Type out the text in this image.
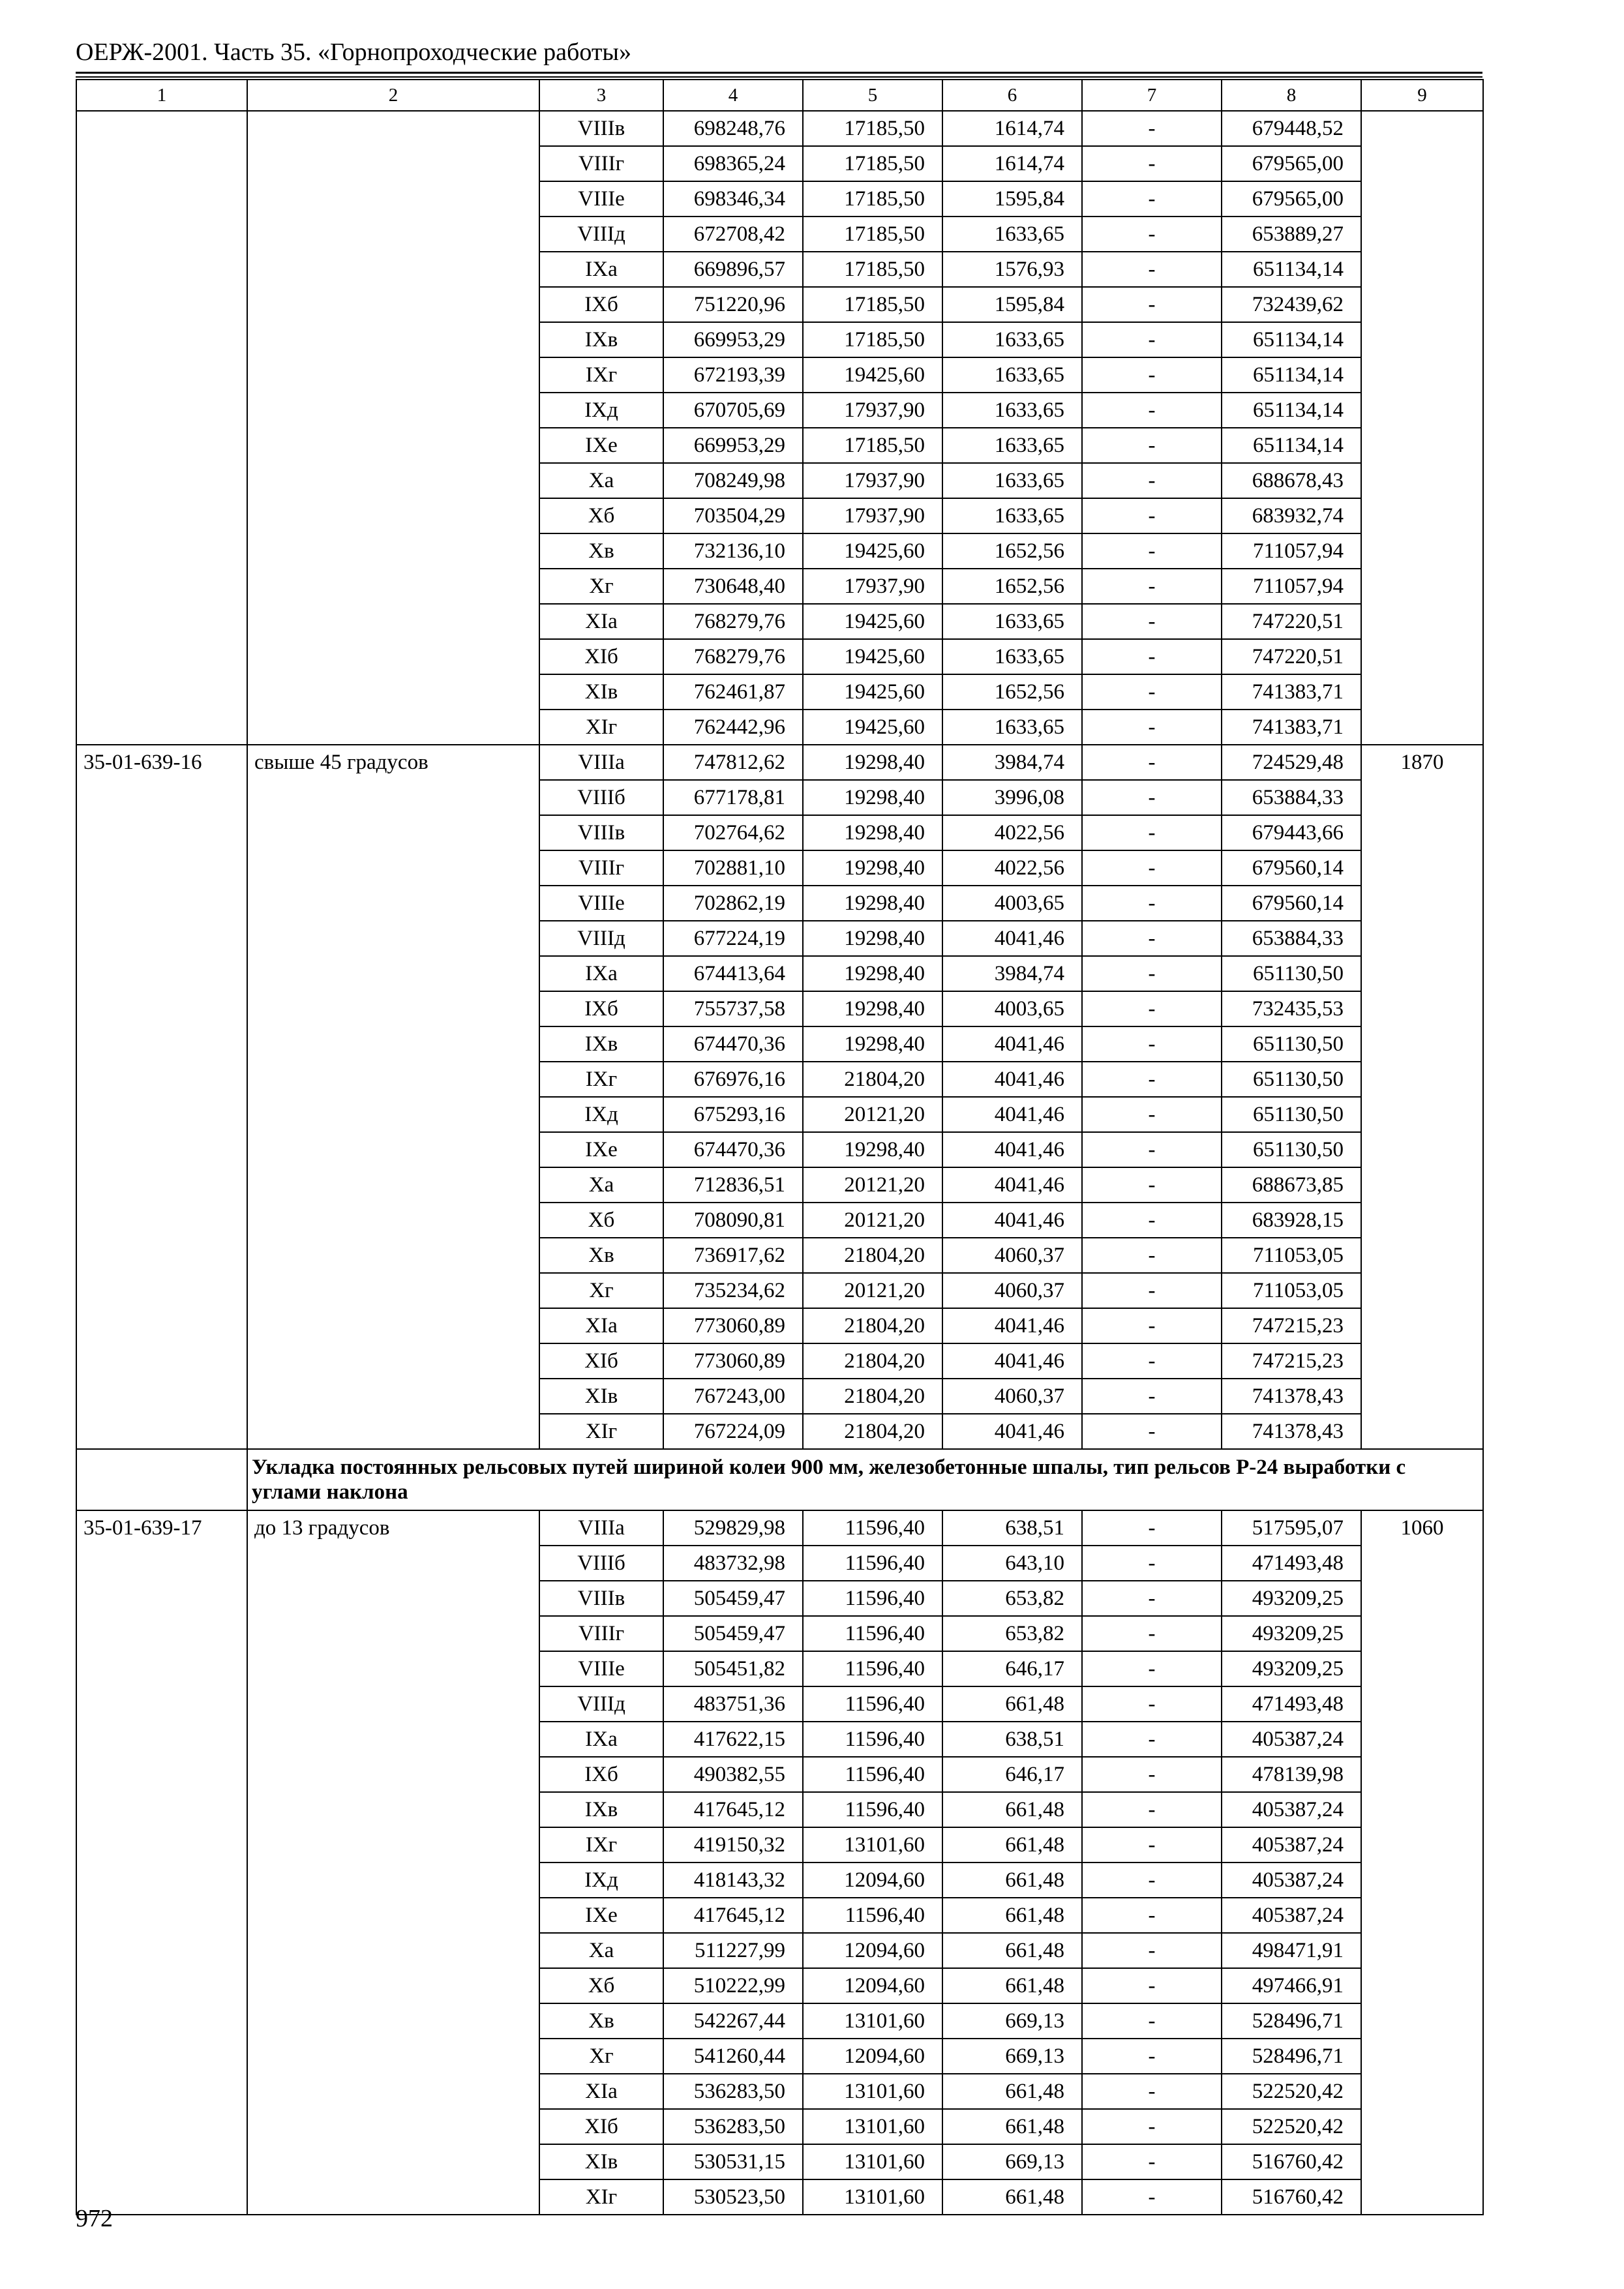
ОЕРЖ-2001. Часть 35. «Горнопроходческие работы»
1	2	3	4	5	6	7	8	9
		VIIIв	698248,76	17185,50	1614,74	-	679448,52	
		VIIIг	698365,24	17185,50	1614,74	-	679565,00	
		VIIIе	698346,34	17185,50	1595,84	-	679565,00	
		VIIIд	672708,42	17185,50	1633,65	-	653889,27	
		IXа	669896,57	17185,50	1576,93	-	651134,14	
		IXб	751220,96	17185,50	1595,84	-	732439,62	
		IXв	669953,29	17185,50	1633,65	-	651134,14	
		IXг	672193,39	19425,60	1633,65	-	651134,14	
		IXд	670705,69	17937,90	1633,65	-	651134,14	
		IXе	669953,29	17185,50	1633,65	-	651134,14	
		Xа	708249,98	17937,90	1633,65	-	688678,43	
		Xб	703504,29	17937,90	1633,65	-	683932,74	
		Xв	732136,10	19425,60	1652,56	-	711057,94	
		Xг	730648,40	17937,90	1652,56	-	711057,94	
		XIа	768279,76	19425,60	1633,65	-	747220,51	
		XIб	768279,76	19425,60	1633,65	-	747220,51	
		XIв	762461,87	19425,60	1652,56	-	741383,71	
		XIг	762442,96	19425,60	1633,65	-	741383,71	
35-01-639-16	свыше 45 градусов	VIIIа	747812,62	19298,40	3984,74	-	724529,48	1870
		VIIIб	677178,81	19298,40	3996,08	-	653884,33	
		VIIIв	702764,62	19298,40	4022,56	-	679443,66	
		VIIIг	702881,10	19298,40	4022,56	-	679560,14	
		VIIIе	702862,19	19298,40	4003,65	-	679560,14	
		VIIIд	677224,19	19298,40	4041,46	-	653884,33	
		IXа	674413,64	19298,40	3984,74	-	651130,50	
		IXб	755737,58	19298,40	4003,65	-	732435,53	
		IXв	674470,36	19298,40	4041,46	-	651130,50	
		IXг	676976,16	21804,20	4041,46	-	651130,50	
		IXд	675293,16	20121,20	4041,46	-	651130,50	
		IXе	674470,36	19298,40	4041,46	-	651130,50	
		Xа	712836,51	20121,20	4041,46	-	688673,85	
		Xб	708090,81	20121,20	4041,46	-	683928,15	
		Xв	736917,62	21804,20	4060,37	-	711053,05	
		Xг	735234,62	20121,20	4060,37	-	711053,05	
		XIа	773060,89	21804,20	4041,46	-	747215,23	
		XIб	773060,89	21804,20	4041,46	-	747215,23	
		XIв	767243,00	21804,20	4060,37	-	741378,43	
		XIг	767224,09	21804,20	4041,46	-	741378,43	
	Укладка постоянных рельсовых путей шириной колеи 900 мм, железобетонные шпалы, тип рельсов Р-24 выработки с углами наклона							
35-01-639-17	до 13 градусов	VIIIа	529829,98	11596,40	638,51	-	517595,07	1060
		VIIIб	483732,98	11596,40	643,10	-	471493,48	
		VIIIв	505459,47	11596,40	653,82	-	493209,25	
		VIIIг	505459,47	11596,40	653,82	-	493209,25	
		VIIIе	505451,82	11596,40	646,17	-	493209,25	
		VIIIд	483751,36	11596,40	661,48	-	471493,48	
		IXа	417622,15	11596,40	638,51	-	405387,24	
		IXб	490382,55	11596,40	646,17	-	478139,98	
		IXв	417645,12	11596,40	661,48	-	405387,24	
		IXг	419150,32	13101,60	661,48	-	405387,24	
		IXд	418143,32	12094,60	661,48	-	405387,24	
		IXе	417645,12	11596,40	661,48	-	405387,24	
		Xа	511227,99	12094,60	661,48	-	498471,91	
		Xб	510222,99	12094,60	661,48	-	497466,91	
		Xв	542267,44	13101,60	669,13	-	528496,71	
		Xг	541260,44	12094,60	669,13	-	528496,71	
		XIа	536283,50	13101,60	661,48	-	522520,42	
		XIб	536283,50	13101,60	661,48	-	522520,42	
		XIв	530531,15	13101,60	669,13	-	516760,42	
		XIг	530523,50	13101,60	661,48	-	516760,42	
972
